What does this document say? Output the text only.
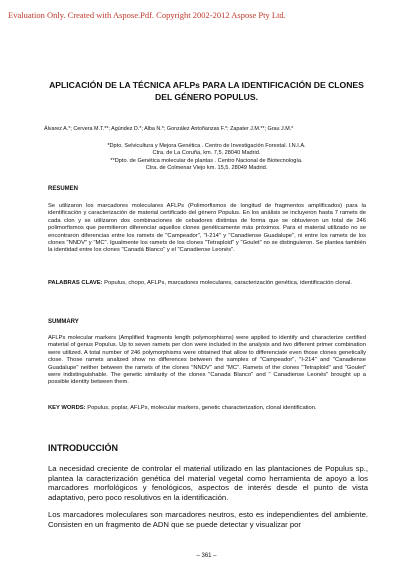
Evaluation Only. Created with Aspose.Pdf. Copyright 2002-2012 Aspose Pty Ltd.
APLICACIÓN DE LA TÉCNICA AFLPs PARA LA IDENTIFICACIÓN DE CLONES
DEL GÉNERO POPULUS.
Álvarez A.*; Cervera M.T.**; Agúndez D.*; Alba N.*; González Antoñanzas F.*; Zapater J.M.**; Grau J.M.*
*Dpto. Selvicultura y Mejora Genética . Centro de Investigación Forestal. I.N.I.A.
Ctra. de La Coruña, km. 7,5. 28040 Madrid.
**Dpto. de Genética molecular de plantas . Centro Nacional de Biotecnología.
Ctra. de Colmenar Viejo km. 15,5. 28049 Madrid.
RESUMEN

Se utilizaron los marcadores moleculares AFLPs (Polimorfismos de longitud de fragmentos amplificados) para la identificación y caracterización de material certificado del género Populus. En los análisis se incluyeron hasta 7 ramets de cada clon y se utilizaron dos combinaciones de cebadores distintas de forma que se obtuvieron un total de 246 polimorfismos que permitieron diferenciar aquellos clones genéticamente más próximos. Para el material utilizado no se encontraron diferencias entre los ramets de "Campeador", "I-214" y "Canadiense Guadalupe", ni entre los ramets de los clones "NNDV" y "MC". Igualmente los ramets de los clones "Tetraploid" y "Goulet" no se distinguieron. Se plantea también la identidad entre los clones "Canadá Blanco" y el "Canadiense Leonés".

PALABRAS CLAVE: Populus, chopo, AFLPs, marcadores moleculares, caracterización genética, identificación clonal.

SUMMARY

AFLPs molecular markers (Amplified fragments length polymorphisms) were applied to identify and characterize certified material of genus Populus. Up to seven ramets per clon were included in the analysis and two different primer combination were utilized. A total number of 246 polymorphisms were obtained that allow to differenciate even those clones genetically close. Those ramets analized show no differences between the samples of "Campeador", "I-214" and "Canadiense Guadalupe" neither between the ramets of the clones "NNDV" and "MC". Ramets of the clones "Tetraploid" and "Goulet" were indistinguishable. The genetic similarity of the clones "Canada Blanco" and " Canadiense Leonés" brought up a possible identity between them.

KEY WORDS: Populus, poplar, AFLPs, molecular markers, genetic characterization, clonal identification.

INTRODUCCIÓN

La necesidad creciente de controlar el material utilizado en las plantaciones de Populus sp., plantea la caracterización genética del material vegetal como herramienta de apoyo a los marcadores morfológicos y fenológicos, aspectos de interés desde el punto de vista adaptativo, pero poco resolutivos en la identificación.

Los marcadores moleculares son marcadores neutros, esto es independientes del ambiente. Consisten en un fragmento de ADN que se puede detectar y visualizar por

– 361 –
